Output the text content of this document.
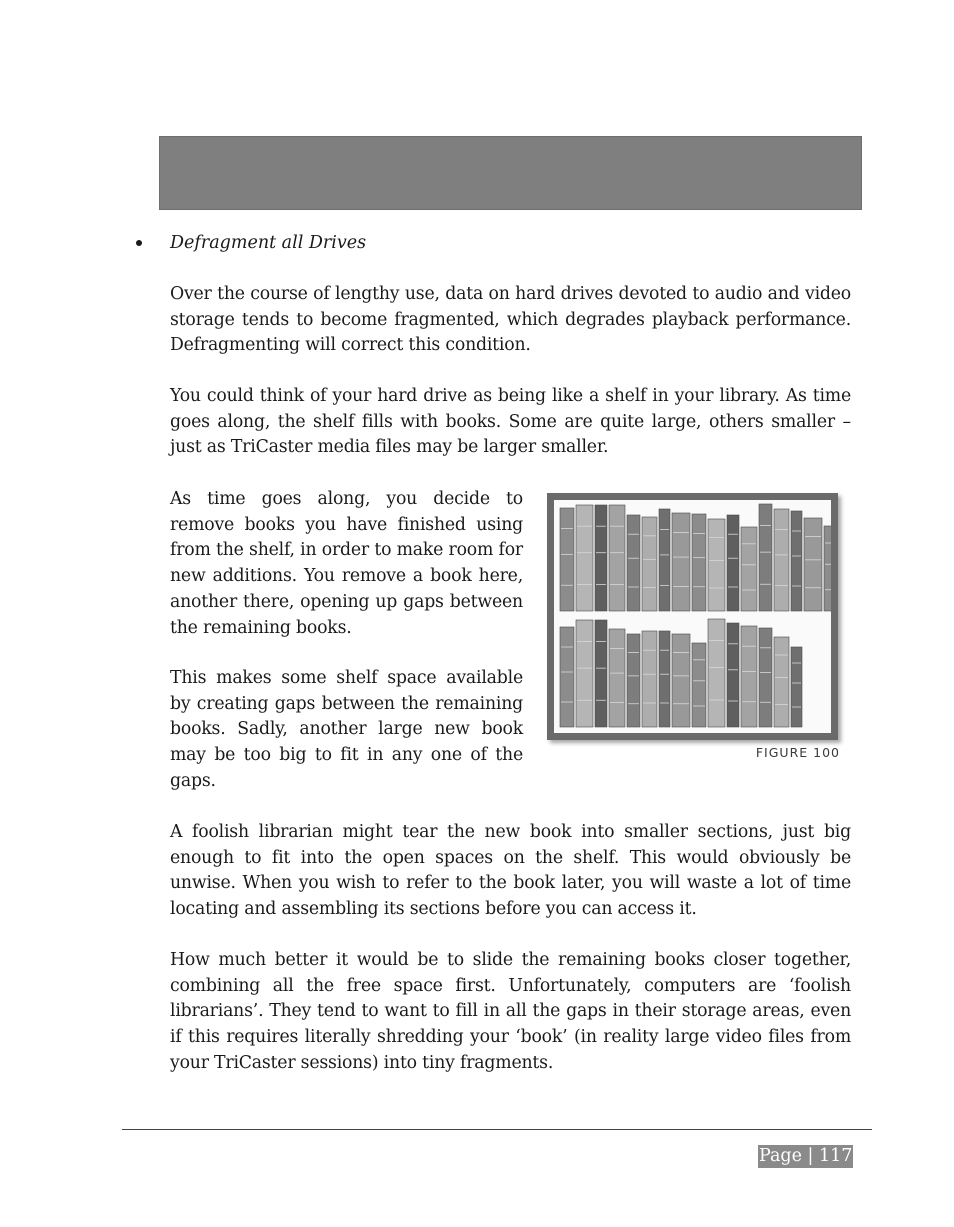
Defragment all Drives

Over the course of lengthy use, data on hard drives devoted to audio and video storage tends to become fragmented, which degrades playback performance. Defragmenting will correct this condition.

You could think of your hard drive as being like a shelf in your library. As time goes along, the shelf fills with books. Some are quite large, others smaller – just as TriCaster media files may be larger smaller.

As time goes along, you decide to remove books you have finished using from the shelf, in order to make room for new additions. You remove a book here, another there, opening up gaps between the remaining books.

This makes some shelf space available by creating gaps between the remaining books. Sadly, another large new book may be too big to fit in any one of the gaps.

FIGURE 100

A foolish librarian might tear the new book into smaller sections, just big enough to fit into the open spaces on the shelf. This would obviously be unwise. When you wish to refer to the book later, you will waste a lot of time locating and assembling its sections before you can access it.

How much better it would be to slide the remaining books closer together, combining all the free space first. Unfortunately, computers are ‘foolish librarians’. They tend to want to fill in all the gaps in their storage areas, even if this requires literally shredding your ‘book’ (in reality large video files from your TriCaster sessions) into tiny fragments.

Page | 117
